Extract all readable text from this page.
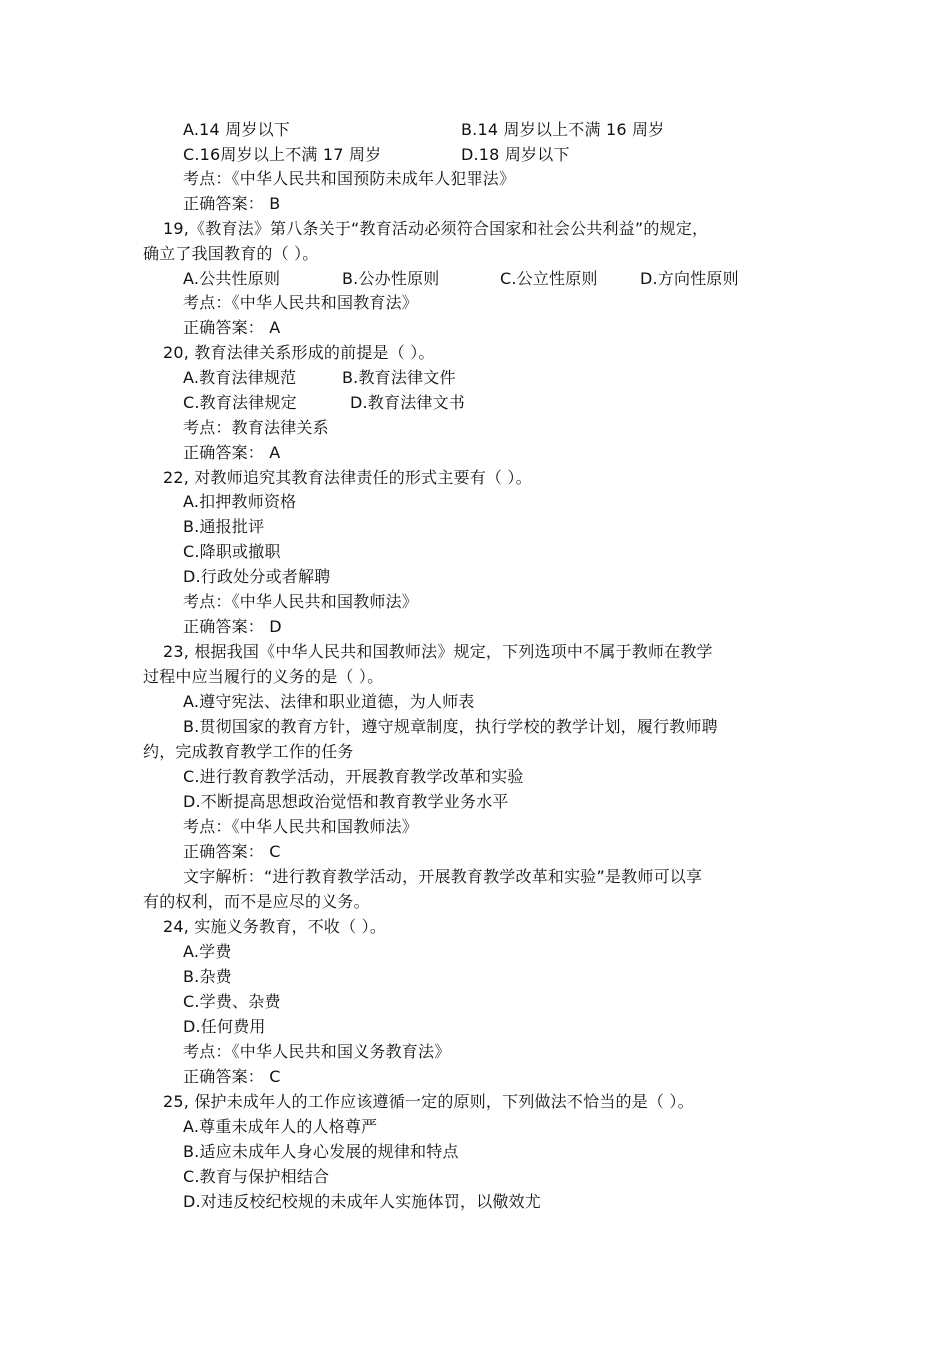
A.14 周岁以下	B.14 周岁以上不满 16 周岁
C.16周岁以上不满 17 周岁	D.18 周岁以下
考点：《中华人民共和国预防未成年人犯罪法》
正确答案： B
19,《教育法》第八条关于“教育活动必须符合国家和社会公共利益”的规定，
确立了我国教育的（ ）。
A.公共性原则	B.公办性原则	C.公立性原则	D.方向性原则
考点：《中华人民共和国教育法》
正确答案： A
20, 教育法律关系形成的前提是（ ）。
A.教育法律规范	B.教育法律文件
C.教育法律规定	D.教育法律文书
考点：教育法律关系
正确答案： A
22, 对教师追究其教育法律责任的形式主要有（ ）。
A.扣押教师资格
B.通报批评
C.降职或撤职
D.行政处分或者解聘
考点：《中华人民共和国教师法》
正确答案： D
23, 根据我国《中华人民共和国教师法》规定，下列选项中不属于教师在教学
过程中应当履行的义务的是（ ）。
A.遵守宪法、法律和职业道德，为人师表
B.贯彻国家的教育方针，遵守规章制度，执行学校的教学计划，履行教师聘
约，完成教育教学工作的任务
C.进行教育教学活动，开展教育教学改革和实验
D.不断提高思想政治觉悟和教育教学业务水平
考点：《中华人民共和国教师法》
正确答案： C
文字解析：“进行教育教学活动，开展教育教学改革和实验”是教师可以享
有的权利，而不是应尽的义务。
24, 实施义务教育，不收（ ）。
A.学费
B.杂费
C.学费、杂费
D.任何费用
考点：《中华人民共和国义务教育法》
正确答案： C
25, 保护未成年人的工作应该遵循一定的原则，下列做法不恰当的是（ ）。
A.尊重未成年人的人格尊严
B.适应未成年人身心发展的规律和特点
C.教育与保护相结合
D.对违反校纪校规的未成年人实施体罚，以儆效尤
